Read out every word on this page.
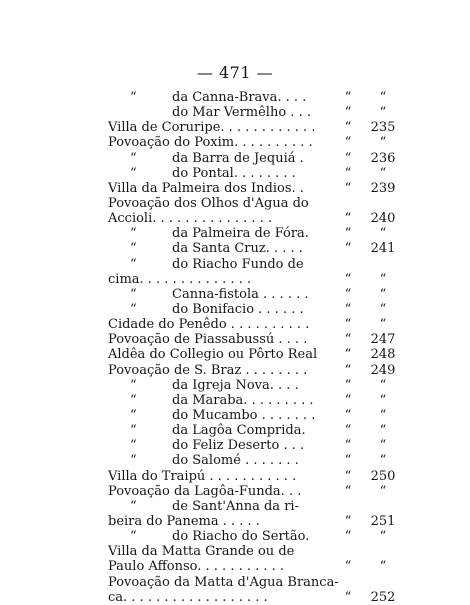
— 471 —
“	da Canna-Brava. . . .	“	“
do Mar Vermêlho . . .	“	“
Villa de Coruripe. . . . . . . . . . . .	“	235
Povoação do Poxim. . . . . . . . . .	“	“
“	da Barra de Jequiá .	“	236
“	do Pontal. . . . . . . .	“	“
Villa da Palmeira dos Indios. .	“	239
Povoação dos Olhos d'Agua do
Accioli. . . . . . . . . . . . . . .	“	240
“	da Palmeira de Fóra.	“	“
“	da Santa Cruz. . . . .	“	241
“	do Riacho Fundo de
cima. . . . . . . . . . . . . .	“	“
“	Canna-fistola . . . . . .	“	“
“	do Bonifacio . . . . . .	“	“
Cidade do Penêdo . . . . . . . . . .	“	“
Povoação de Piassabussú . . . .	“	247
Aldêa do Collegio ou Pôrto Real	“	248
Povoação de S. Braz . . . . . . . .	“	249
“	da Igreja Nova. . . .	“	“
“	da Maraba. . . . . . . . .	“	“
“	do Mucambo . . . . . . .	“	“
“	da Lagôa Comprida.	“	“
“	do Feliz Deserto . . .	“	“
“	do Salomé . . . . . . .	“	“
Villa do Traipú . . . . . . . . . . .	“	250
Povoação da Lagôa-Funda. . .	“	“
“	de Sant'Anna da ri-
beira do Panema . . . . .	“	251
“	do Riacho do Sertão.	“	“
Villa da Matta Grande ou de
Paulo Affonso. . . . . . . . . . .	“	“
Povoação da Matta d'Agua Branca-
ca. . . . . . . . . . . . . . . . . .	“	252
